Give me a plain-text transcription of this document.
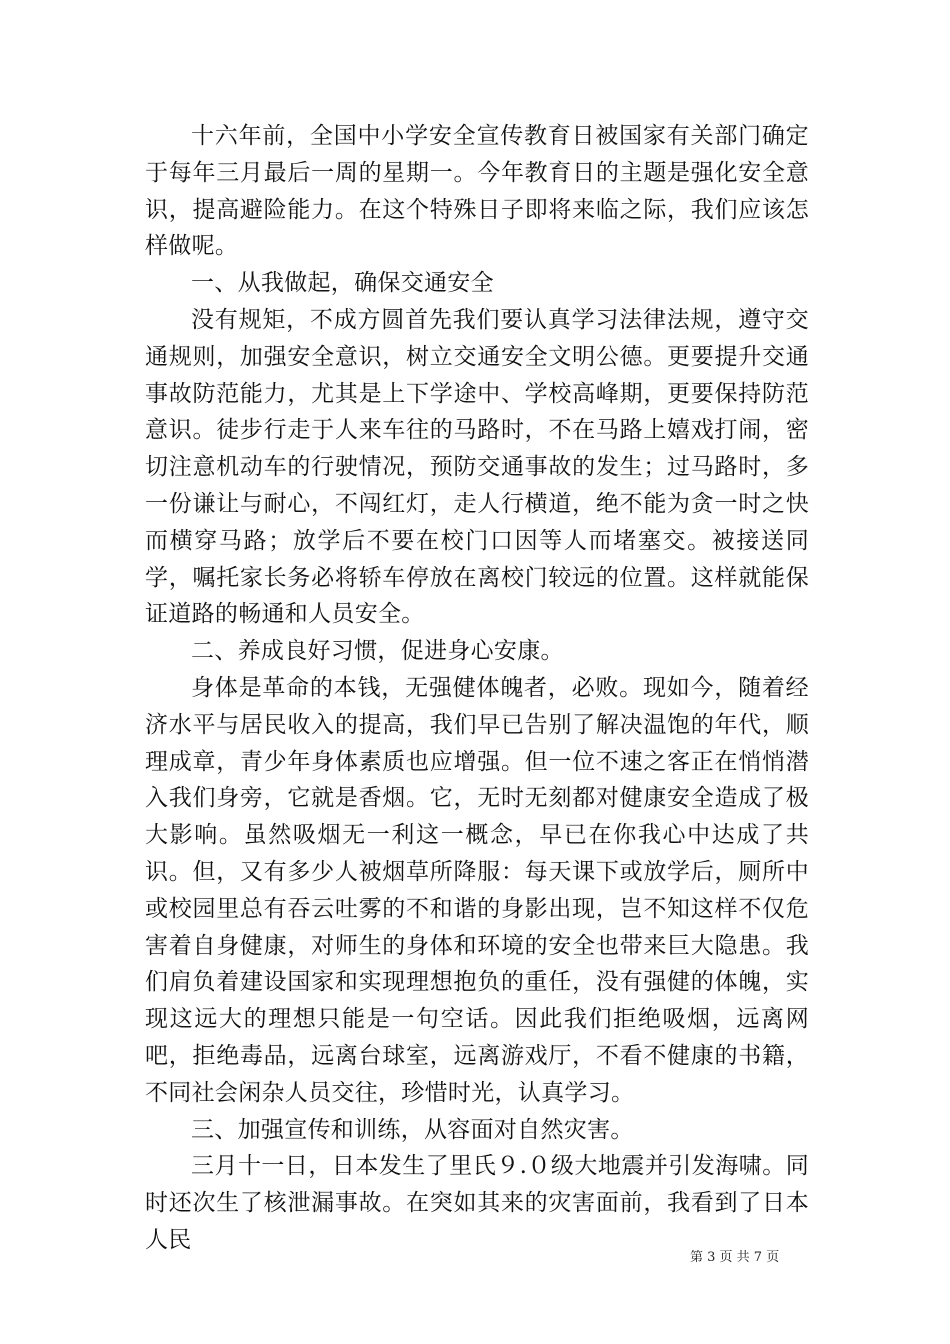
十六年前，全国中小学安全宣传教育日被国家有关部门确定于每年三月最后一周的星期一。今年教育日的主题是强化安全意识，提高避险能力。在这个特殊日子即将来临之际，我们应该怎样做呢。

一、从我做起，确保交通安全

没有规矩，不成方圆首先我们要认真学习法律法规，遵守交通规则，加强安全意识，树立交通安全文明公德。更要提升交通事故防范能力，尤其是上下学途中、学校高峰期，更要保持防范意识。徒步行走于人来车往的马路时，不在马路上嬉戏打闹，密切注意机动车的行驶情况，预防交通事故的发生；过马路时，多一份谦让与耐心，不闯红灯，走人行横道，绝不能为贪一时之快而横穿马路；放学后不要在校门口因等人而堵塞交。被接送同学，嘱托家长务必将轿车停放在离校门较远的位置。这样就能保证道路的畅通和人员安全。

二、养成良好习惯，促进身心安康。

身体是革命的本钱，无强健体魄者，必败。现如今，随着经济水平与居民收入的提高，我们早已告别了解决温饱的年代，顺理成章，青少年身体素质也应增强。但一位不速之客正在悄悄潜入我们身旁，它就是香烟。它，无时无刻都对健康安全造成了极大影响。虽然吸烟无一利这一概念，早已在你我心中达成了共识。但，又有多少人被烟草所降服：每天课下或放学后，厕所中或校园里总有吞云吐雾的不和谐的身影出现，岂不知这样不仅危害着自身健康，对师生的身体和环境的安全也带来巨大隐患。我们肩负着建设国家和实现理想抱负的重任，没有强健的体魄，实现这远大的理想只能是一句空话。因此我们拒绝吸烟，远离网吧，拒绝毒品，远离台球室，远离游戏厅，不看不健康的书籍，不同社会闲杂人员交往，珍惜时光，认真学习。

三、加强宣传和训练，从容面对自然灾害。

三月十一日，日本发生了里氏９.０级大地震并引发海啸。同时还次生了核泄漏事故。在突如其来的灾害面前，我看到了日本人民

第 3 页 共 7 页
